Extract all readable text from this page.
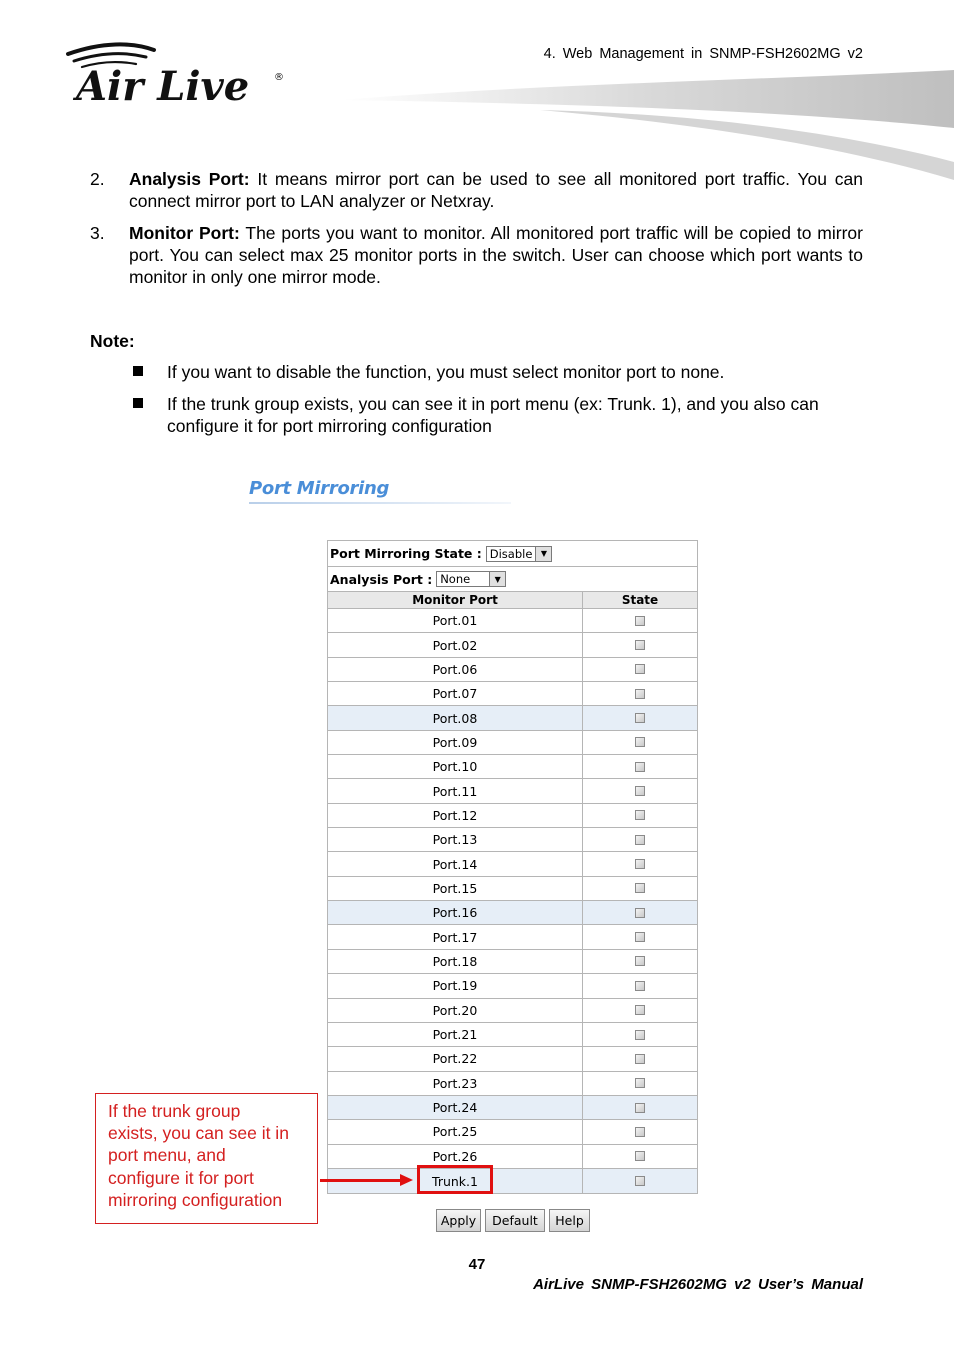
4. Web Management in SNMP-FSH2602MG v2
Air Live ®
2.	Analysis Port: It means mirror port can be used to see all monitored port traffic. You can connect mirror port to LAN analyzer or Netxray.
3.	Monitor Port: The ports you want to monitor. All monitored port traffic will be copied to mirror port. You can select max 25 monitor ports in the switch. User can choose which port wants to monitor in only one mirror mode.
Note:
If you want to disable the function, you must select monitor port to none.
If the trunk group exists, you can see it in port menu (ex: Trunk. 1), and you also can configure it for port mirroring configuration
Port Mirroring
Port Mirroring State : Disable	▼
Analysis Port : None	▼
Monitor Port	State
Port.01
Port.02
Port.06
Port.07
Port.08
Port.09
Port.10
Port.11
Port.12
Port.13
Port.14
Port.15
Port.16
Port.17
Port.18
Port.19
Port.20
Port.21
Port.22
Port.23
Port.24
Port.25
Port.26
Trunk.1
Apply	Default	Help
If the trunk group
exists, you can see it in
port menu, and
configure it for port
mirroring configuration
47
AirLive SNMP-FSH2602MG v2 User’s Manual
